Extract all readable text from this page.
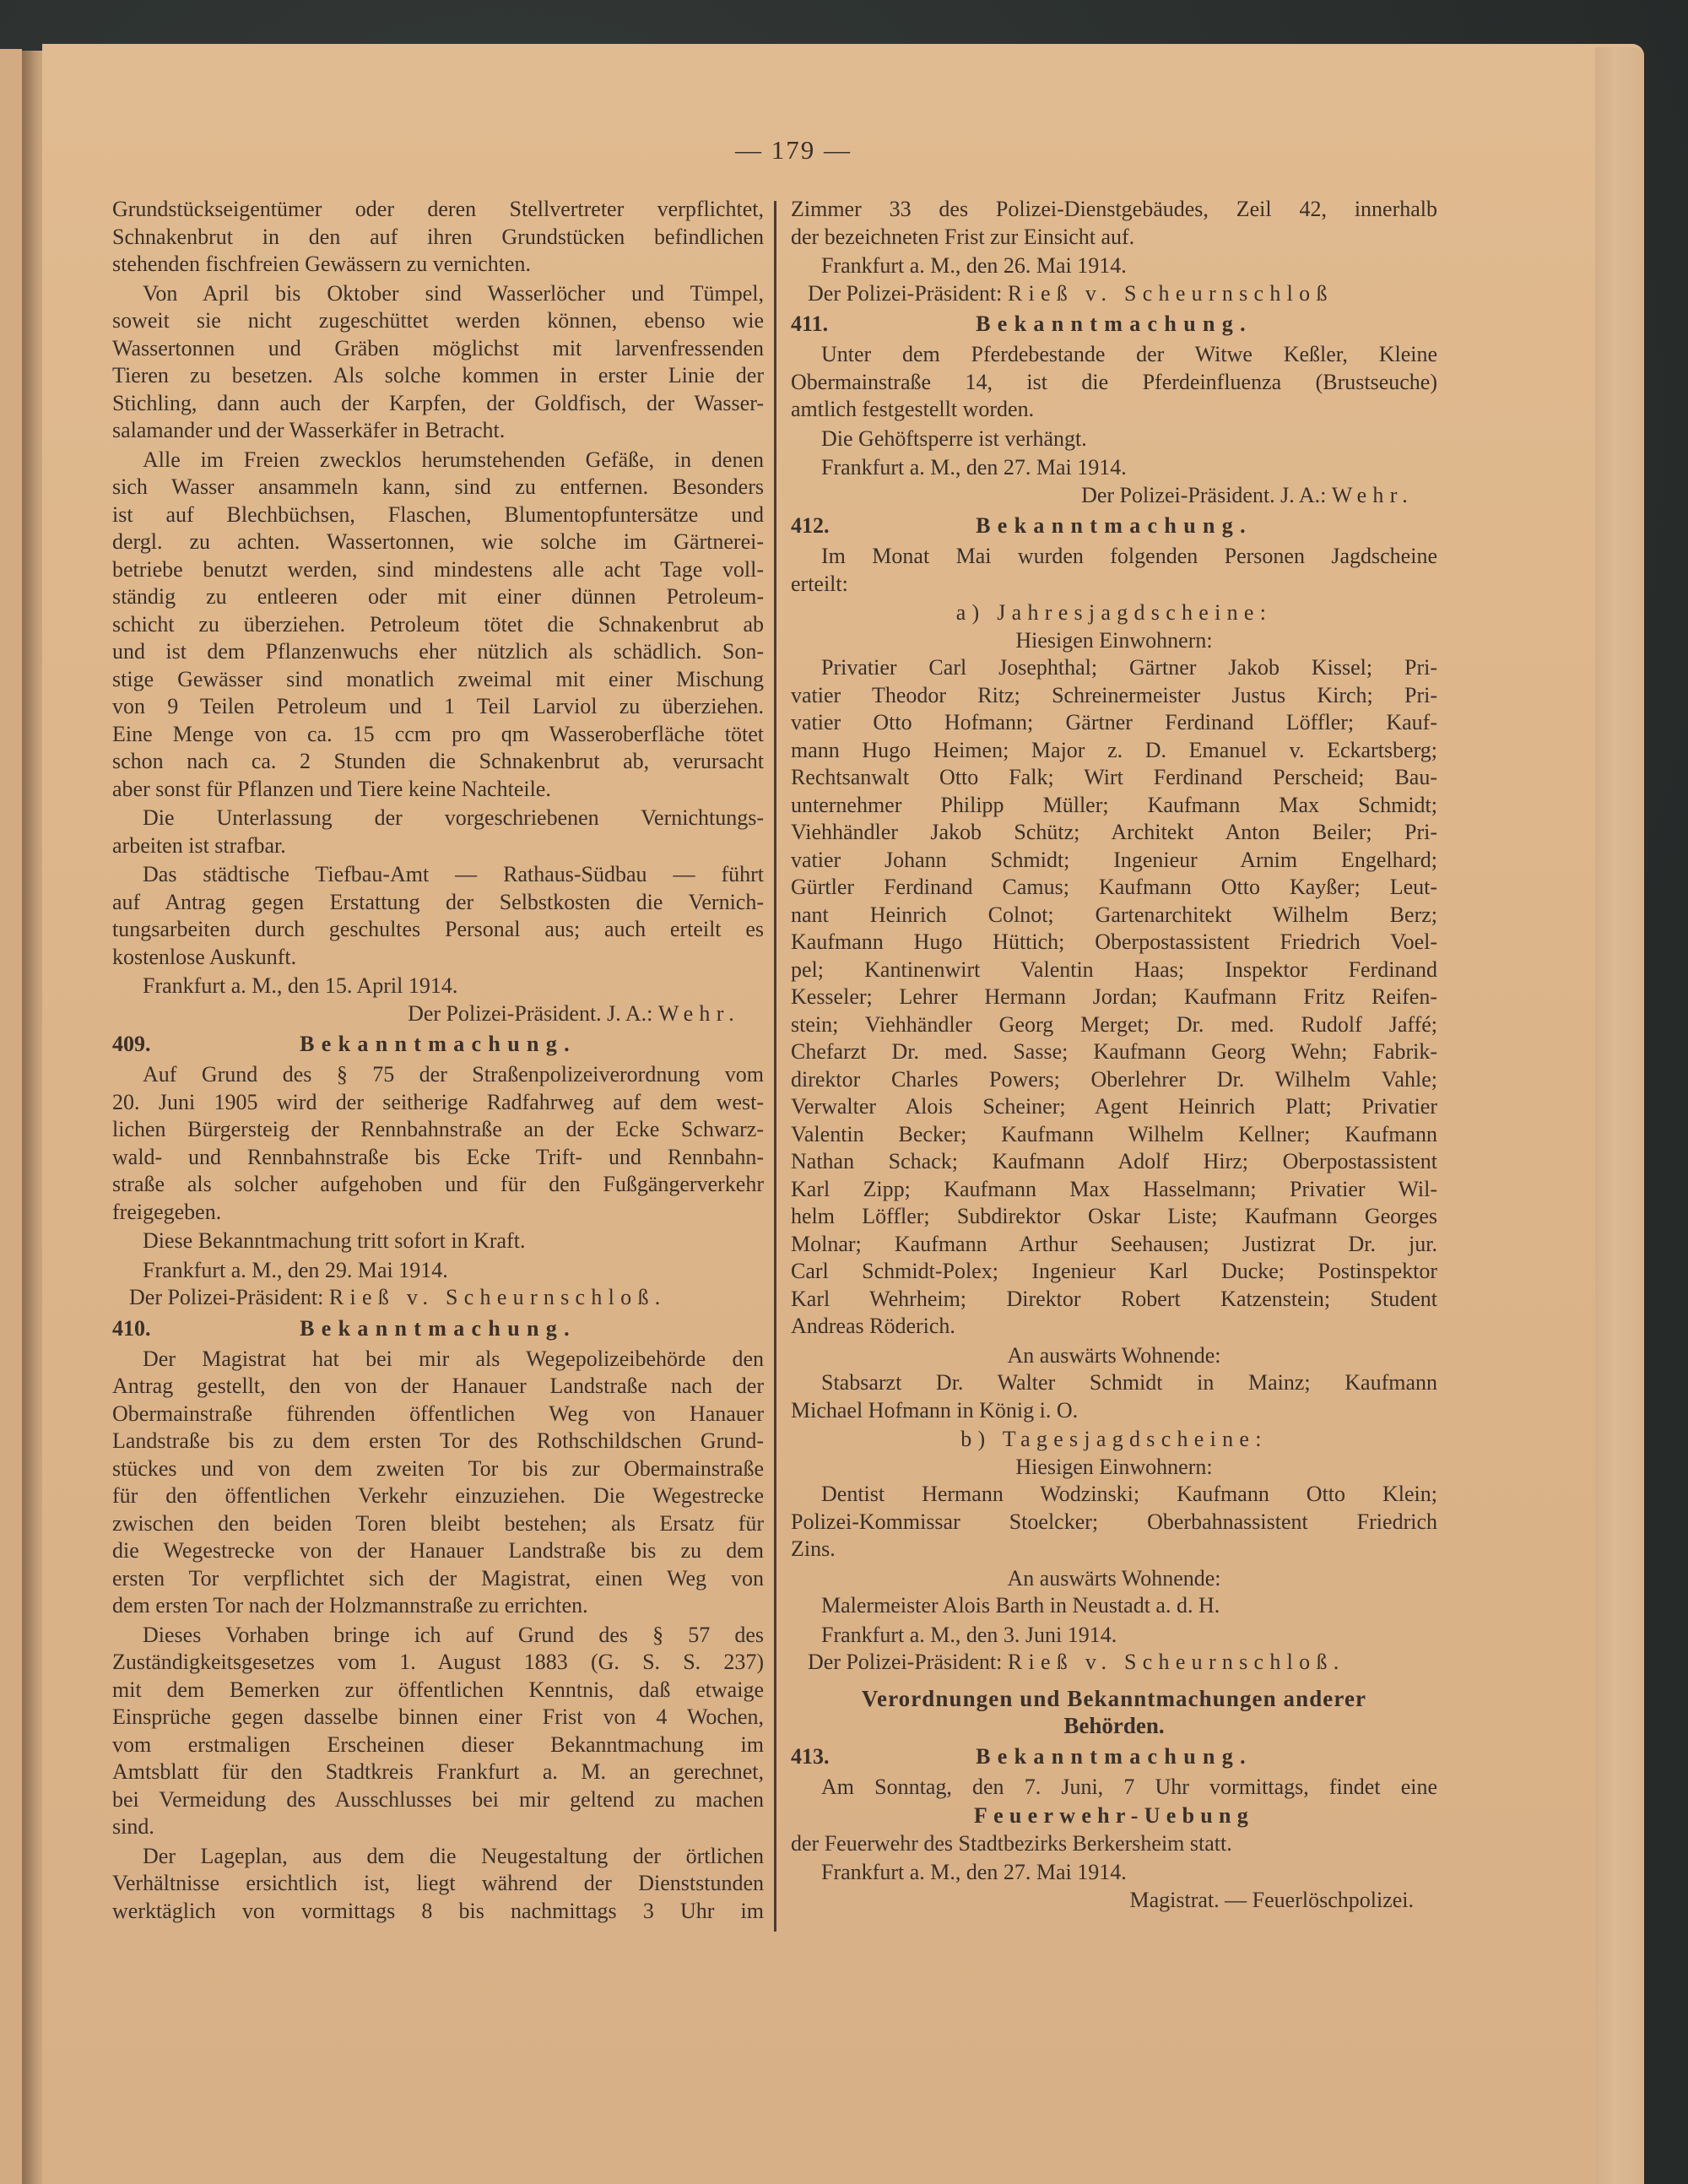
— 179 —
Grundstückseigentümer oder deren Stellvertreter verpflichtet,
Schnakenbrut in den auf ihren Grundstücken befindlichen
stehenden fischfreien Gewässern zu vernichten.
Von April bis Oktober sind Wasserlöcher und Tümpel,
soweit sie nicht zugeschüttet werden können, ebenso wie
Wassertonnen und Gräben möglichst mit larvenfressenden
Tieren zu besetzen. Als solche kommen in erster Linie der
Stichling, dann auch der Karpfen, der Goldfisch, der Wasser-
salamander und der Wasserkäfer in Betracht.
Alle im Freien zwecklos herumstehenden Gefäße, in denen
sich Wasser ansammeln kann, sind zu entfernen. Besonders
ist auf Blechbüchsen, Flaschen, Blumentopfuntersätze und
dergl. zu achten. Wassertonnen, wie solche im Gärtnerei-
betriebe benutzt werden, sind mindestens alle acht Tage voll-
ständig zu entleeren oder mit einer dünnen Petroleum-
schicht zu überziehen. Petroleum tötet die Schnakenbrut ab
und ist dem Pflanzenwuchs eher nützlich als schädlich. Son-
stige Gewässer sind monatlich zweimal mit einer Mischung
von 9 Teilen Petroleum und 1 Teil Larviol zu überziehen.
Eine Menge von ca. 15 ccm pro qm Wasseroberfläche tötet
schon nach ca. 2 Stunden die Schnakenbrut ab, verursacht
aber sonst für Pflanzen und Tiere keine Nachteile.
Die Unterlassung der vorgeschriebenen Vernichtungs-
arbeiten ist strafbar.
Das städtische Tiefbau-Amt — Rathaus-Südbau — führt
auf Antrag gegen Erstattung der Selbstkosten die Vernich-
tungsarbeiten durch geschultes Personal aus; auch erteilt es
kostenlose Auskunft.
Frankfurt a. M., den 15. April 1914.
Der Polizei-Präsident. J. A.:
Wehr.
409.	Bekanntmachung.
Auf Grund des § 75 der Straßenpolizeiverordnung vom
20. Juni 1905 wird der seitherige Radfahrweg auf dem west-
lichen Bürgersteig der Rennbahnstraße an der Ecke Schwarz-
wald- und Rennbahnstraße bis Ecke Trift- und Rennbahn-
straße als solcher aufgehoben und für den Fußgängerverkehr
freigegeben.
Diese Bekanntmachung tritt sofort in Kraft.
Frankfurt a. M., den 29. Mai 1914.
Der Polizei-Präsident:
Rieß v. Scheurnschloß.
410.	Bekanntmachung.
Der Magistrat hat bei mir als Wegepolizeibehörde den
Antrag gestellt, den von der Hanauer Landstraße nach der
Obermainstraße führenden öffentlichen Weg von Hanauer
Landstraße bis zu dem ersten Tor des Rothschildschen Grund-
stückes und von dem zweiten Tor bis zur Obermainstraße
für den öffentlichen Verkehr einzuziehen. Die Wegestrecke
zwischen den beiden Toren bleibt bestehen; als Ersatz für
die Wegestrecke von der Hanauer Landstraße bis zu dem
ersten Tor verpflichtet sich der Magistrat, einen Weg von
dem ersten Tor nach der Holzmannstraße zu errichten.
Dieses Vorhaben bringe ich auf Grund des § 57 des
Zuständigkeitsgesetzes vom 1. August 1883 (G. S. S. 237)
mit dem Bemerken zur öffentlichen Kenntnis, daß etwaige
Einsprüche gegen dasselbe binnen einer Frist von 4 Wochen,
vom erstmaligen Erscheinen dieser Bekanntmachung im
Amtsblatt für den Stadtkreis Frankfurt a. M. an gerechnet,
bei Vermeidung des Ausschlusses bei mir geltend zu machen
sind.
Der Lageplan, aus dem die Neugestaltung der örtlichen
Verhältnisse ersichtlich ist, liegt während der Dienststunden
werktäglich von vormittags 8 bis nachmittags 3 Uhr im
Zimmer 33 des Polizei-Dienstgebäudes, Zeil 42, innerhalb
der bezeichneten Frist zur Einsicht auf.
Frankfurt a. M., den 26. Mai 1914.
Der Polizei-Präsident:
Rieß v. Scheurnschloß
411.	Bekanntmachung.
Unter dem Pferdebestande der Witwe Keßler, Kleine
Obermainstraße 14, ist die Pferdeinfluenza (Brustseuche)
amtlich festgestellt worden.
Die Gehöftsperre ist verhängt.
Frankfurt a. M., den 27. Mai 1914.
Der Polizei-Präsident. J. A.:
Wehr.
412.	Bekanntmachung.
Im Monat Mai wurden folgenden Personen Jagdscheine
erteilt:
a) Jahresjagdscheine:
Hiesigen Einwohnern:
Privatier Carl Josephthal; Gärtner Jakob Kissel; Pri-
vatier Theodor Ritz; Schreinermeister Justus Kirch; Pri-
vatier Otto Hofmann; Gärtner Ferdinand Löffler; Kauf-
mann Hugo Heimen; Major z. D. Emanuel v. Eckartsberg;
Rechtsanwalt Otto Falk; Wirt Ferdinand Perscheid; Bau-
unternehmer Philipp Müller; Kaufmann Max Schmidt;
Viehhändler Jakob Schütz; Architekt Anton Beiler; Pri-
vatier Johann Schmidt; Ingenieur Arnim Engelhard;
Gürtler Ferdinand Camus; Kaufmann Otto Kayßer; Leut-
nant Heinrich Colnot; Gartenarchitekt Wilhelm Berz;
Kaufmann Hugo Hüttich; Oberpostassistent Friedrich Voel-
pel; Kantinenwirt Valentin Haas; Inspektor Ferdinand
Kesseler; Lehrer Hermann Jordan; Kaufmann Fritz Reifen-
stein; Viehhändler Georg Merget; Dr. med. Rudolf Jaffé;
Chefarzt Dr. med. Sasse; Kaufmann Georg Wehn; Fabrik-
direktor Charles Powers; Oberlehrer Dr. Wilhelm Vahle;
Verwalter Alois Scheiner; Agent Heinrich Platt; Privatier
Valentin Becker; Kaufmann Wilhelm Kellner; Kaufmann
Nathan Schack; Kaufmann Adolf Hirz; Oberpostassistent
Karl Zipp; Kaufmann Max Hasselmann; Privatier Wil-
helm Löffler; Subdirektor Oskar Liste; Kaufmann Georges
Molnar; Kaufmann Arthur Seehausen; Justizrat Dr. jur.
Carl Schmidt-Polex; Ingenieur Karl Ducke; Postinspektor
Karl Wehrheim; Direktor Robert Katzenstein; Student
Andreas Röderich.
An auswärts Wohnende:
Stabsarzt Dr. Walter Schmidt in Mainz; Kaufmann
Michael Hofmann in König i. O.
b) Tagesjagdscheine:
Hiesigen Einwohnern:
Dentist Hermann Wodzinski; Kaufmann Otto Klein;
Polizei-Kommissar Stoelcker; Oberbahnassistent Friedrich
Zins.
An auswärts Wohnende:
Malermeister Alois Barth in Neustadt a. d. H.
Frankfurt a. M., den 3. Juni 1914.
Der Polizei-Präsident:
Rieß v. Scheurnschloß.
Verordnungen und Bekanntmachungen anderer
Behörden.
413.	Bekanntmachung.
Am Sonntag, den 7. Juni, 7 Uhr vormittags, findet eine
Feuerwehr-Uebung
der Feuerwehr des Stadtbezirks Berkersheim statt.
Frankfurt a. M., den 27. Mai 1914.
Magistrat. — Feuerlöschpolizei.
